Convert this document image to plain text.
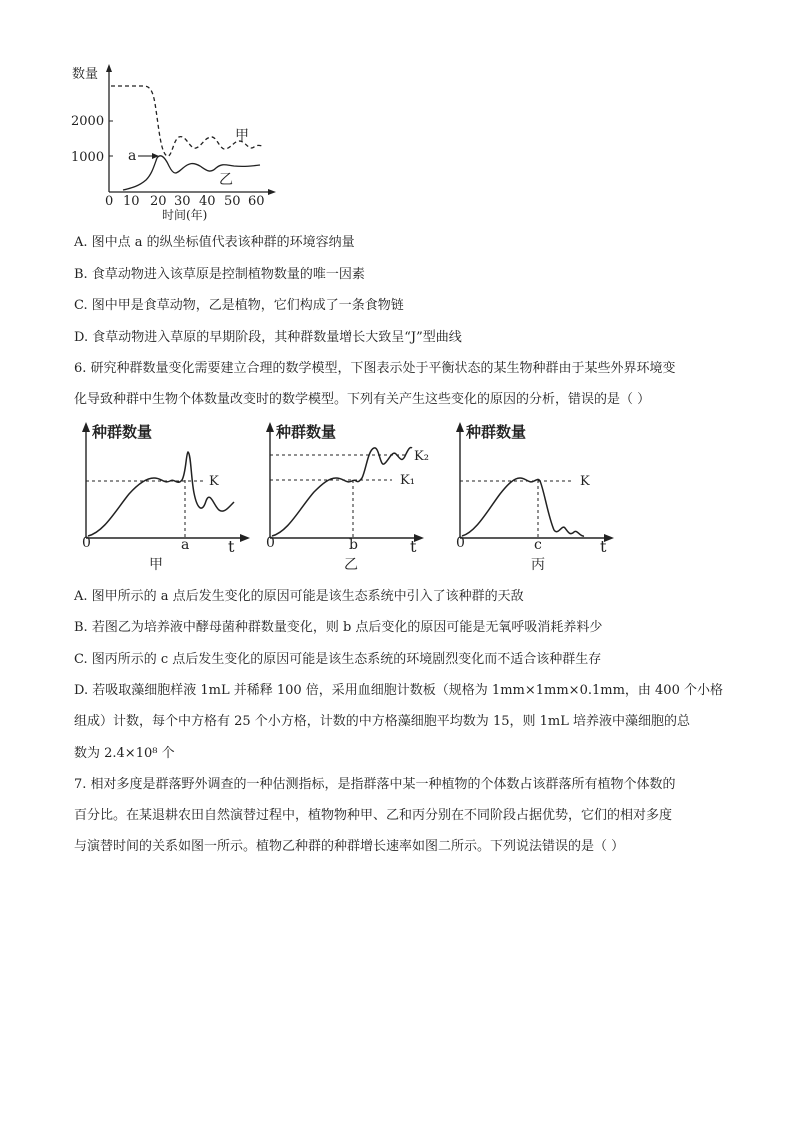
数量
2000
1000
0 10 20 30 40 50 60
时间(年)
甲
乙
a
A. 图中点 a 的纵坐标值代表该种群的环境容纳量
B. 食草动物进入该草原是控制植物数量的唯一因素
C. 图中甲是食草动物，乙是植物，它们构成了一条食物链
D. 食草动物进入草原的早期阶段，其种群数量增长大致呈“J”型曲线
6. 研究种群数量变化需要建立合理的数学模型，下图表示处于平衡状态的某生物种群由于某些外界环境变
化导致种群中生物个体数量改变时的数学模型。下列有关产生这些变化的原因的分析，错误的是（ ）
种群数量
K
0	a t
甲
种群数量
K₂
K₁
0	b	t
乙
种群数量
K
0	c	t
丙
A. 图甲所示的 a 点后发生变化的原因可能是该生态系统中引入了该种群的天敌
B. 若图乙为培养液中酵母菌种群数量变化，则 b 点后变化的原因可能是无氧呼吸消耗养料少
C. 图丙所示的 c 点后发生变化的原因可能是该生态系统的环境剧烈变化而不适合该种群生存
D. 若吸取藻细胞样液 1mL 并稀释 100 倍，采用血细胞计数板（规格为 1mm×1mm×0.1mm，由 400 个小格
组成）计数，每个中方格有 25 个小方格，计数的中方格藻细胞平均数为 15，则 1mL 培养液中藻细胞的总
数为 2.4×10⁸ 个
7. 相对多度是群落野外调查的一种估测指标，是指群落中某一种植物的个体数占该群落所有植物个体数的
百分比。在某退耕农田自然演替过程中，植物物种甲、乙和丙分别在不同阶段占据优势，它们的相对多度
与演替时间的关系如图一所示。植物乙种群的种群增长速率如图二所示。下列说法错误的是（ ）
